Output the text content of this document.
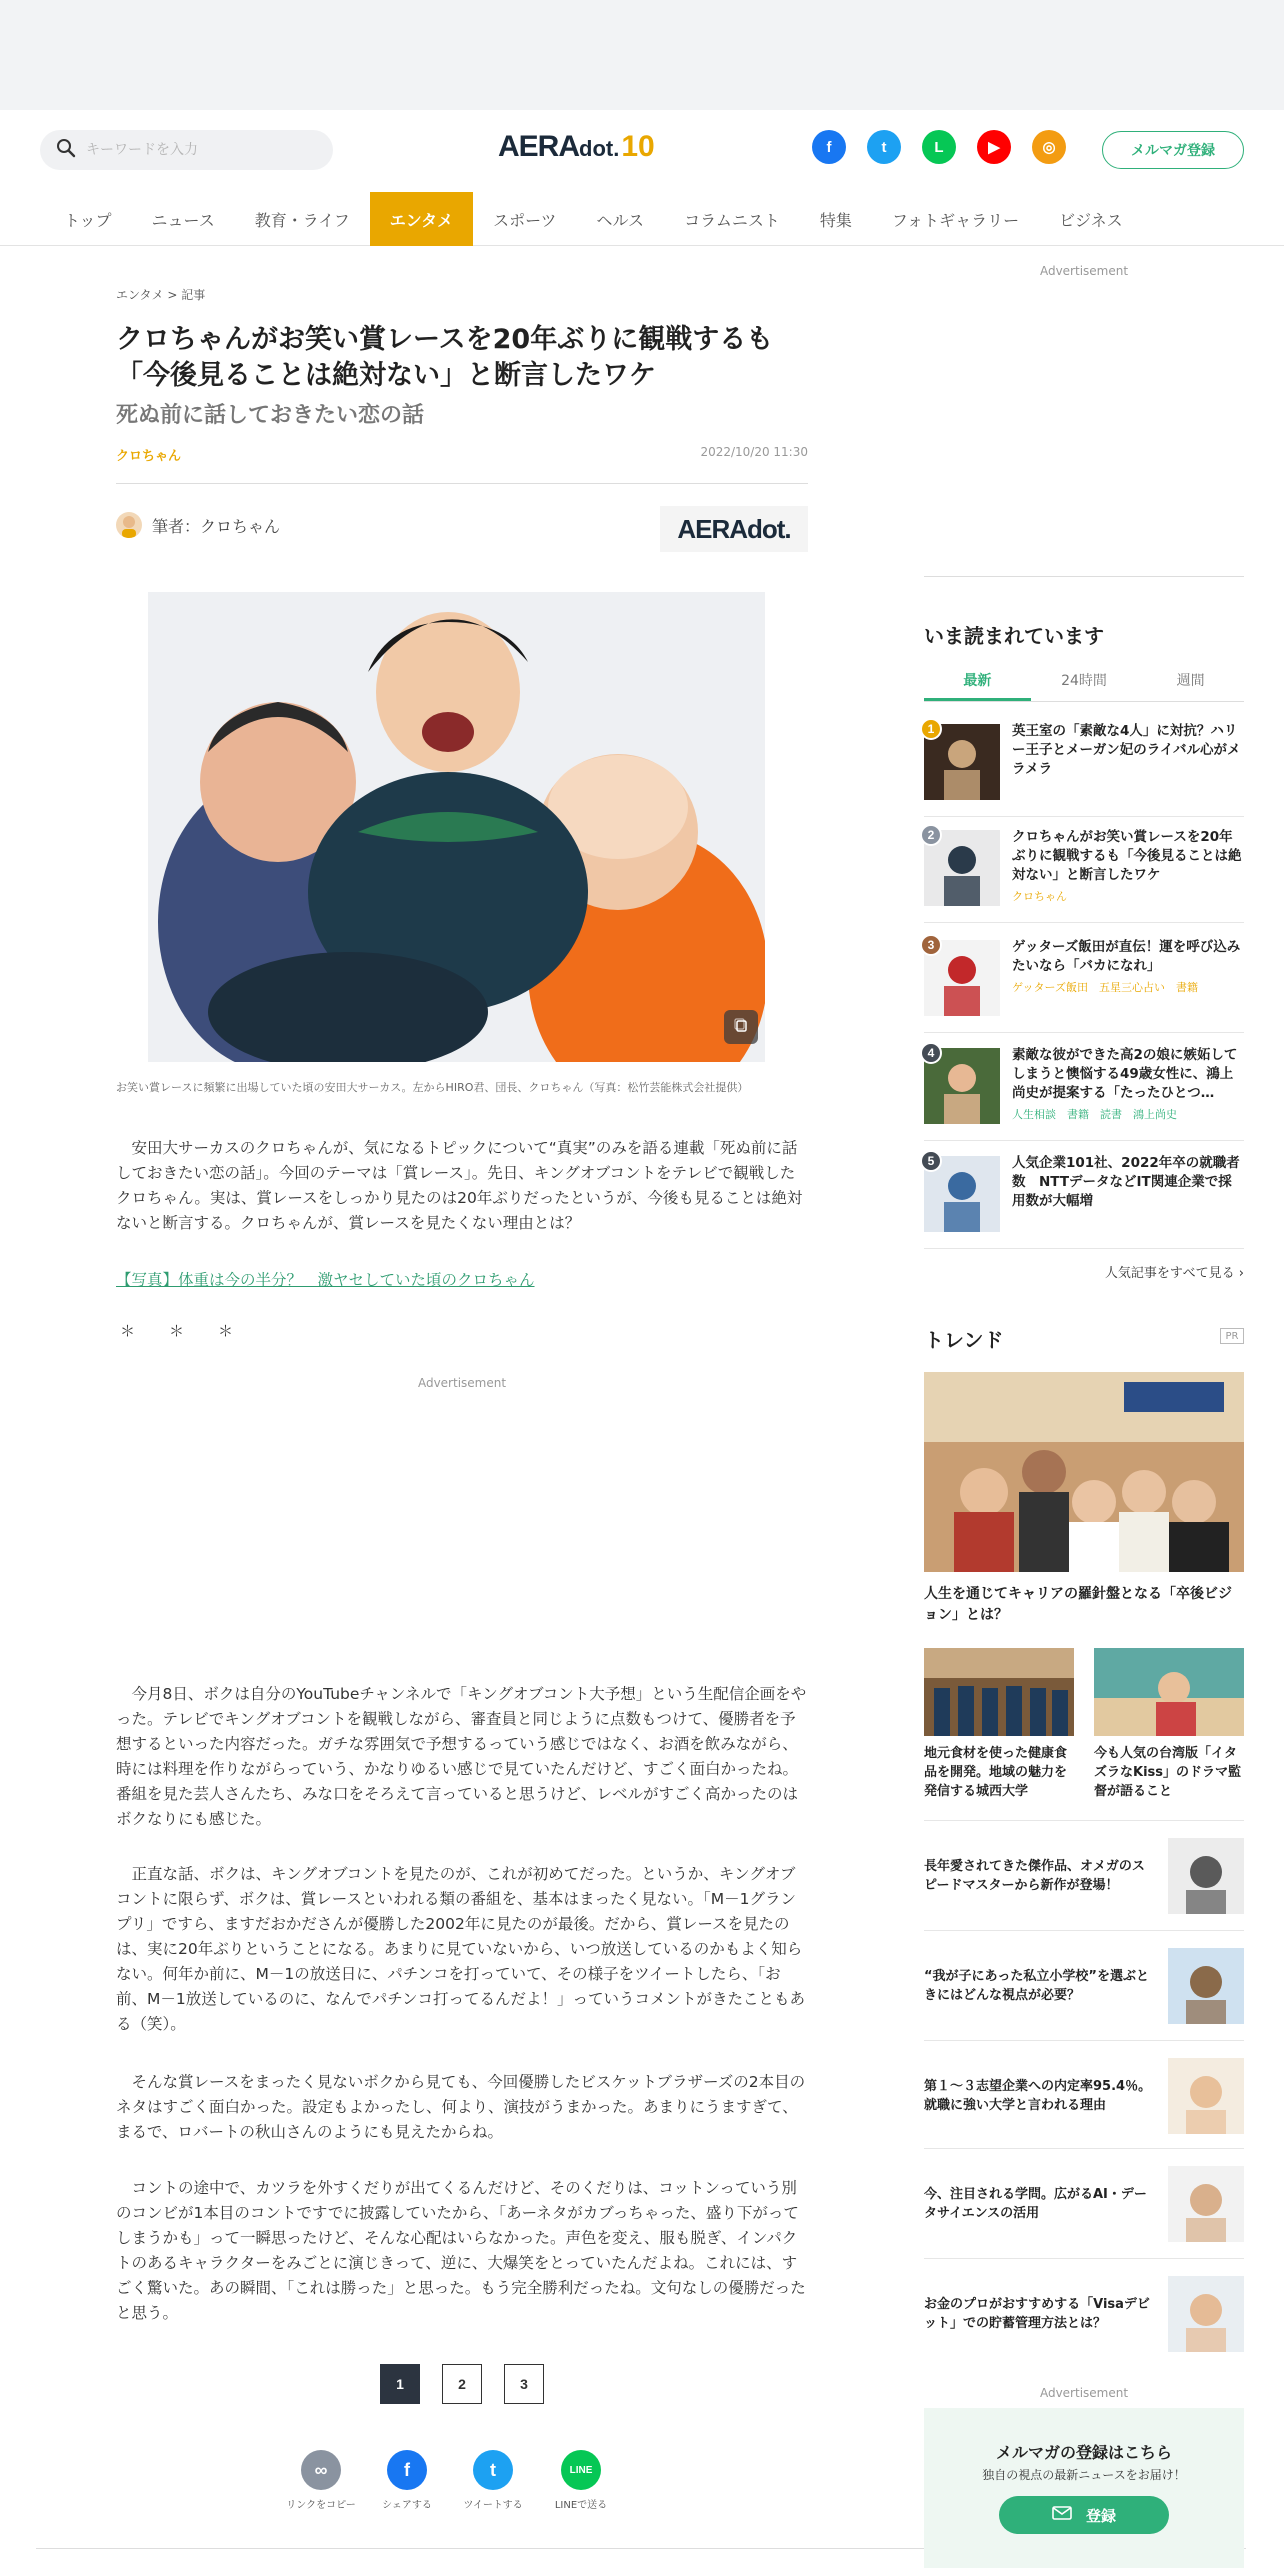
キーワードを入力
AERA dot. 10	メルマガ登録
トップ	ニュース	教育・ライフ	エンタメ	スポーツ	ヘルス	コラムニスト	特集	フォトギャラリー	ビジネス
エンタメ > 記事
クロちゃんがお笑い賞レースを20年ぶりに観戦するも
「今後見ることは絶対ない」と断言したワケ
死ぬ前に話しておきたい恋の話
クロちゃん	2022/10/20 11:30
筆者：クロちゃん	AERAdot.
お笑い賞レースに頻繁に出場していた頃の安田大サーカス。左からHIRO君、団長、クロちゃん（写真：松竹芸能株式会社提供）

　安田大サーカスのクロちゃんが、気になるトピックについて“真実”のみを語る連載「死ぬ前に話しておきたい恋の話」。今回のテーマは「賞レース」。先日、キングオブコントをテレビで観戦したクロちゃん。実は、賞レースをしっかり見たのは20年ぶりだったというが、今後も見ることは絶対ないと断言する。クロちゃんが、賞レースを見たくない理由とは？

【写真】体重は今の半分？　激ヤセしていた頃のクロちゃん
＊＊＊
Advertisement

　今月8日、ボクは自分のYouTubeチャンネルで「キングオブコント大予想」という生配信企画をやった。テレビでキングオブコントを観戦しながら、審査員と同じように点数もつけて、優勝者を予想するといった内容だった。ガチな雰囲気で予想するっていう感じではなく、お酒を飲みながら、時には料理を作りながらっていう、かなりゆるい感じで見ていたんだけど、すごく面白かったね。番組を見た芸人さんたち、みな口をそろえて言っていると思うけど、レベルがすごく高かったのはボクなりにも感じた。

　正直な話、ボクは、キングオブコントを見たのが、これが初めてだった。というか、キングオブコントに限らず、ボクは、賞レースといわれる類の番組を、基本はまったく見ない。「M－1グランプリ」ですら、ますだおかださんが優勝した2002年に見たのが最後。だから、賞レースを見たのは、実に20年ぶりということになる。あまりに見ていないから、いつ放送しているのかもよく知らない。何年か前に、M－1の放送日に、パチンコを打っていて、その様子をツイートしたら、「お前、M－1放送しているのに、なんでパチンコ打ってるんだよ！」っていうコメントがきたこともある（笑）。

　そんな賞レースをまったく見ないボクから見ても、今回優勝したビスケットブラザーズの2本目のネタはすごく面白かった。設定もよかったし、何より、演技がうまかった。あまりにうますぎて、まるで、ロバートの秋山さんのようにも見えたからね。

　コントの途中で、カツラを外すくだりが出てくるんだけど、そのくだりは、コットンっていう別のコンビが1本目のコントですでに披露していたから、「あーネタがカブっちゃった、盛り下がってしまうかも」って一瞬思ったけど、そんな心配はいらなかった。声色を変え、服も脱ぎ、インパクトのあるキャラクターをみごとに演じきって、逆に、大爆笑をとっていたんだよね。これには、すごく驚いた。あの瞬間、「これは勝った」と思った。もう完全勝利だったね。文句なしの優勝だったと思う。

1	2	3
Advertisement
いま読まれています
最新	24時間	週間
人気記事をすべて見る ›
トレンド	PR
人生を通じてキャリアの羅針盤となる「卒後ビジョン」とは？
地元食材を使った健康食品を開発。地域の魅力を発信する城西大学
今も人気の台湾版「イタズラなKiss」のドラマ監督が語ること
Advertisement
メルマガの登録はこちら
独自の視点の最新ニュースをお届け！
登録
f	t	L	▶	◎
∞
リンクをコピー
f
シェアする
t
ツイートする
LINE
LINEで送る
1	英王室の「素敵な4人」に対抗？ハリー王子とメーガン妃のライバル心がメラメラ
2	クロちゃんがお笑い賞レースを20年ぶりに観戦するも「今後見ることは絶対ない」と断言したワケ
クロちゃん
3	ゲッターズ飯田が直伝！運を呼び込みたいなら「バカになれ」
ゲッターズ飯田　五星三心占い　書籍
4	素敵な彼ができた高2の娘に嫉妬してしまうと懊悩する49歳女性に、鴻上尚史が提案する「たったひとつ…
人生相談　書籍　読書　鴻上尚史
5	人気企業101社、2022年卒の就職者数　NTTデータなどIT関連企業で採用数が大幅増
長年愛されてきた傑作品、オメガのスピードマスターから新作が登場！
“我が子にあった私立小学校”を選ぶときにはどんな視点が必要？
第１～３志望企業への内定率95.4％。就職に強い大学と言われる理由
今、注目される学問。広がるAI・データサイエンスの活用
お金のプロがおすすめする「Visaデビット」での貯蓄管理方法とは？
